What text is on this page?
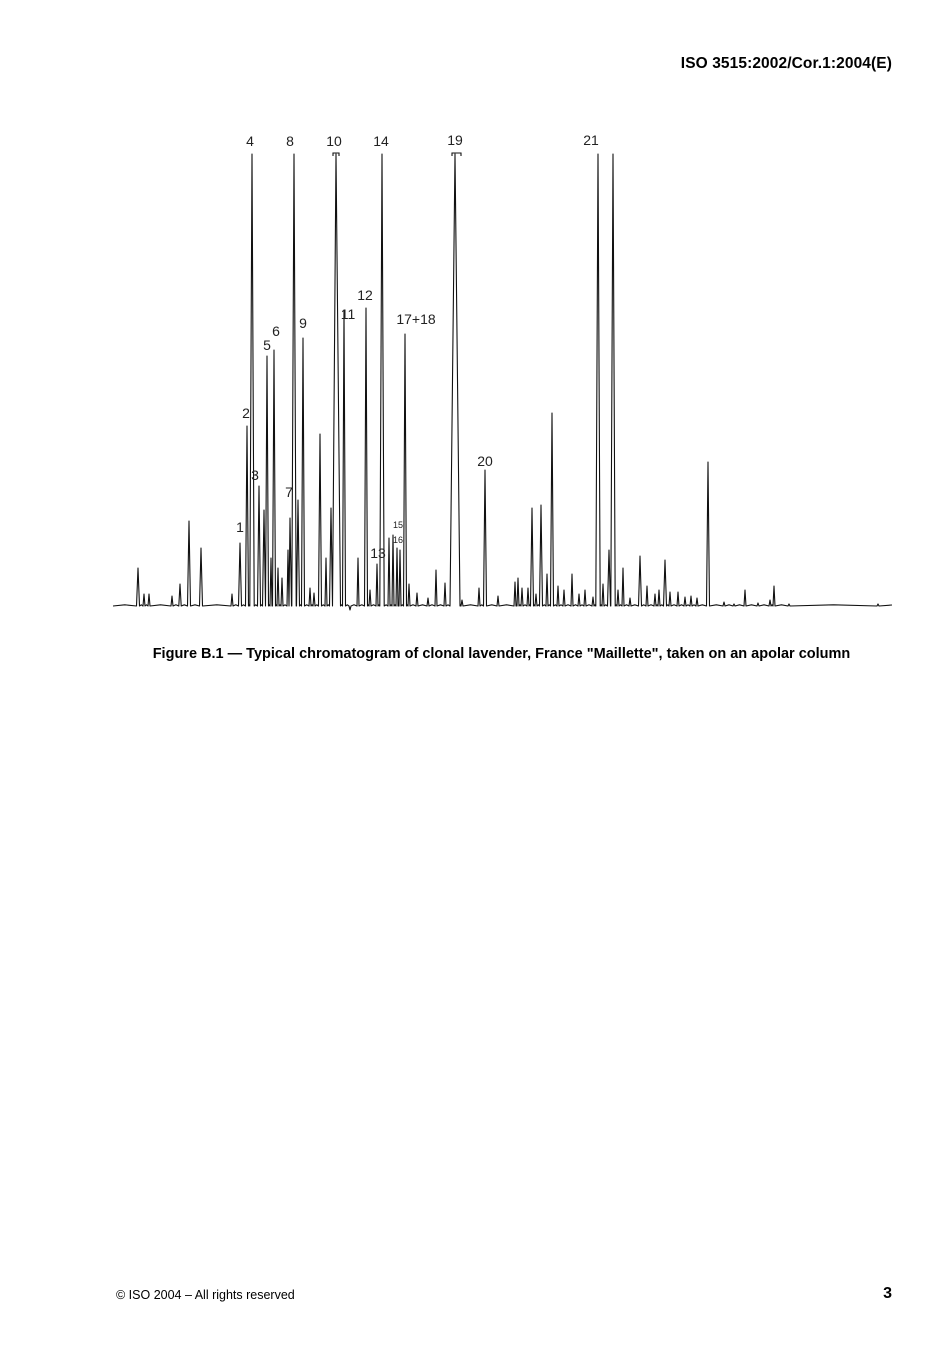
ISO 3515:2002/Cor.1:2004(E)
1
2
3
4
5
6
7
8
9
10
11
12
13
14
15
16
17+18
19
20
21
Figure B.1 — Typical chromatogram of clonal lavender, France "Maillette", taken on an apolar column
© ISO 2004 – All rights reserved	3
